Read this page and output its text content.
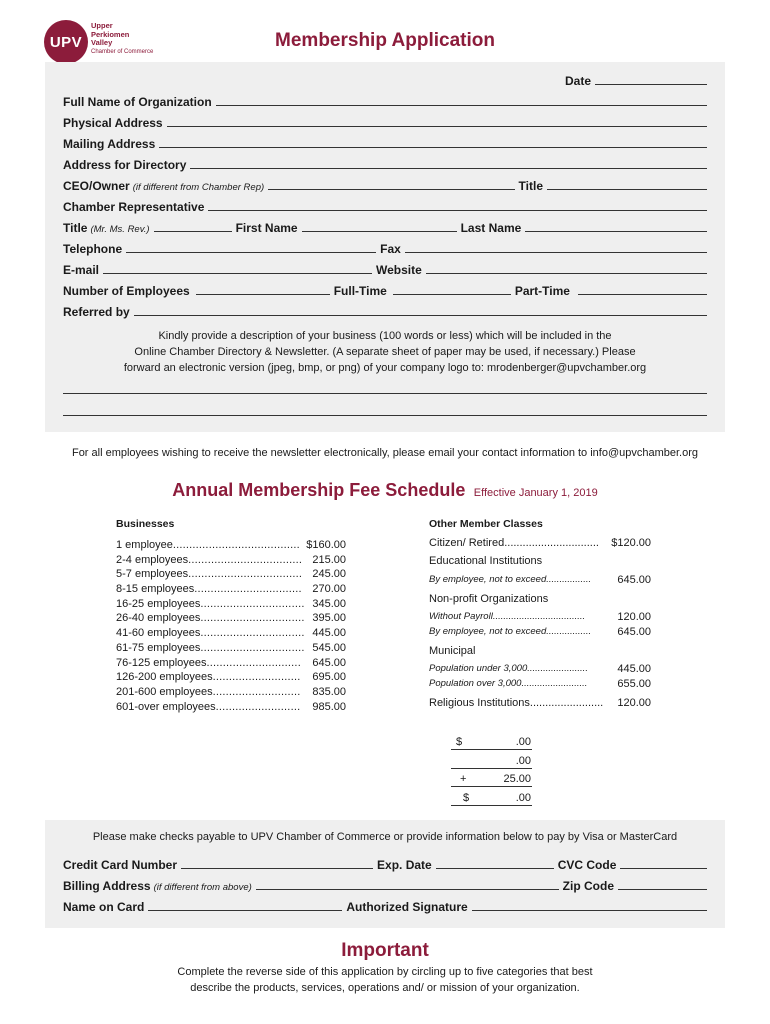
UPV
Upper
Perkiomen
Valley
Chamber of Commerce
Membership Application
Date
Full Name of Organization
Physical Address
Mailing Address
Address for Directory
CEO/Owner (if different from Chamber Rep)	Title
Chamber Representative
Title (Mr. Ms. Rev.)	First Name	Last Name
Telephone	Fax
E-mail	Website
Number of Employees	Full-Time	Part-Time
Referred by
Kindly provide a description of your business (100 words or less) which will be included in the
Online Chamber Directory & Newsletter. (A separate sheet of paper may be used, if necessary.) Please
forward an electronic version (jpeg, bmp, or png) of your company logo to: mrodenberger@upvchamber.org
For all employees wishing to receive the newsletter electronically, please email your contact information to info@upvchamber.org
Annual Membership Fee Schedule Effective January 1, 2019
Businesses	Other Member Classes
1 employee ....................................... $160.00
2-4 employees ................................... 215.00
5-7 employees ................................... 245.00
8-15 employees ................................. 270.00
16-25 employees ................................ 345.00
26-40 employees ................................ 395.00
41-60 employees ................................ 445.00
61-75 employees ................................ 545.00
76-125 employees .............................	645.00
126-200 employees ...........................	695.00
201-600 employees ...........................	835.00
601-over employees ..........................	985.00
Citizen/ Retired ...............................	$120.00
Educational Institutions
By employee, not to exceed .................	645.00
Non-profit Organizations
Without Payroll ...................................	120.00
By employee, not to exceed .................	645.00
Municipal
Population under 3,000 .......................	445.00
Population over 3,000 .........................	655.00
Religious Institutions ........................	120.00
$	.00
.00
+	25.00
$	.00
Please make checks payable to UPV Chamber of Commerce or provide information below to pay by Visa or MasterCard
Credit Card Number	Exp. Date	CVC Code
Billing Address (if different from above)	Zip Code
Name on Card	Authorized Signature
Important
Complete the reverse side of this application by circling up to five categories that best
describe the products, services, operations and/ or mission of your organization.
